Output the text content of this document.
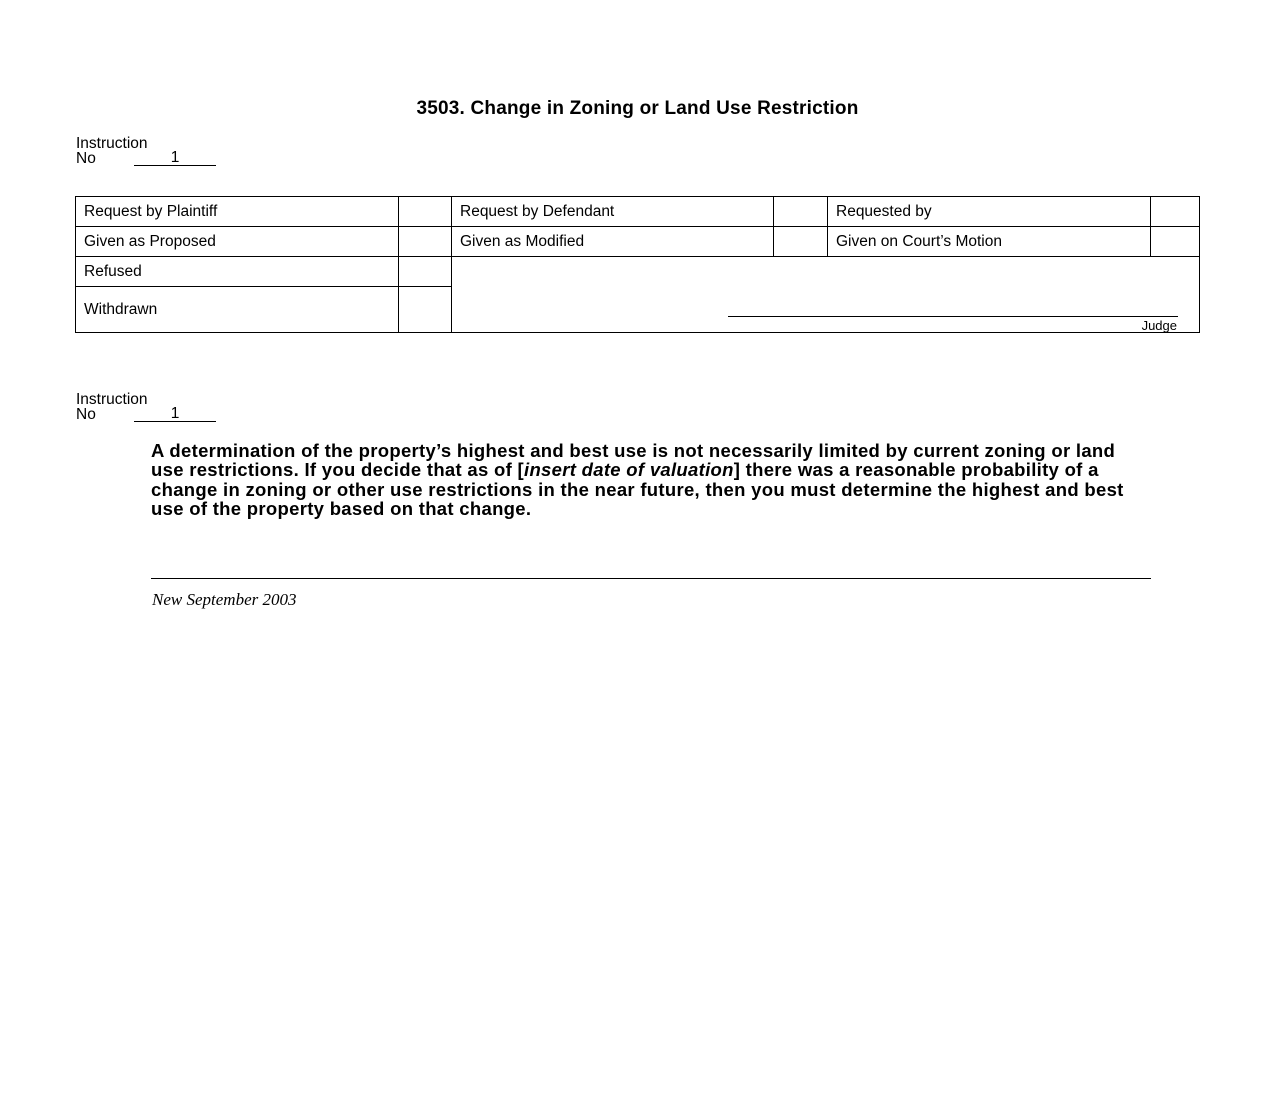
3503. Change in Zoning or Land Use Restriction
Instruction
No	1
Request by Plaintiff	Request by Defendant	Requested by
Given as Proposed	Given as Modified	Given on Court’s Motion
Refused
Withdrawn
Judge
Instruction
No	1
A determination of the property’s highest and best use is not necessarily limited by current zoning or land use restrictions. If you decide that as of [insert date of valuation] there was a reasonable probability of a change in zoning or other use restrictions in the near future, then you must determine the highest and best use of the property based on that change.
New September 2003
